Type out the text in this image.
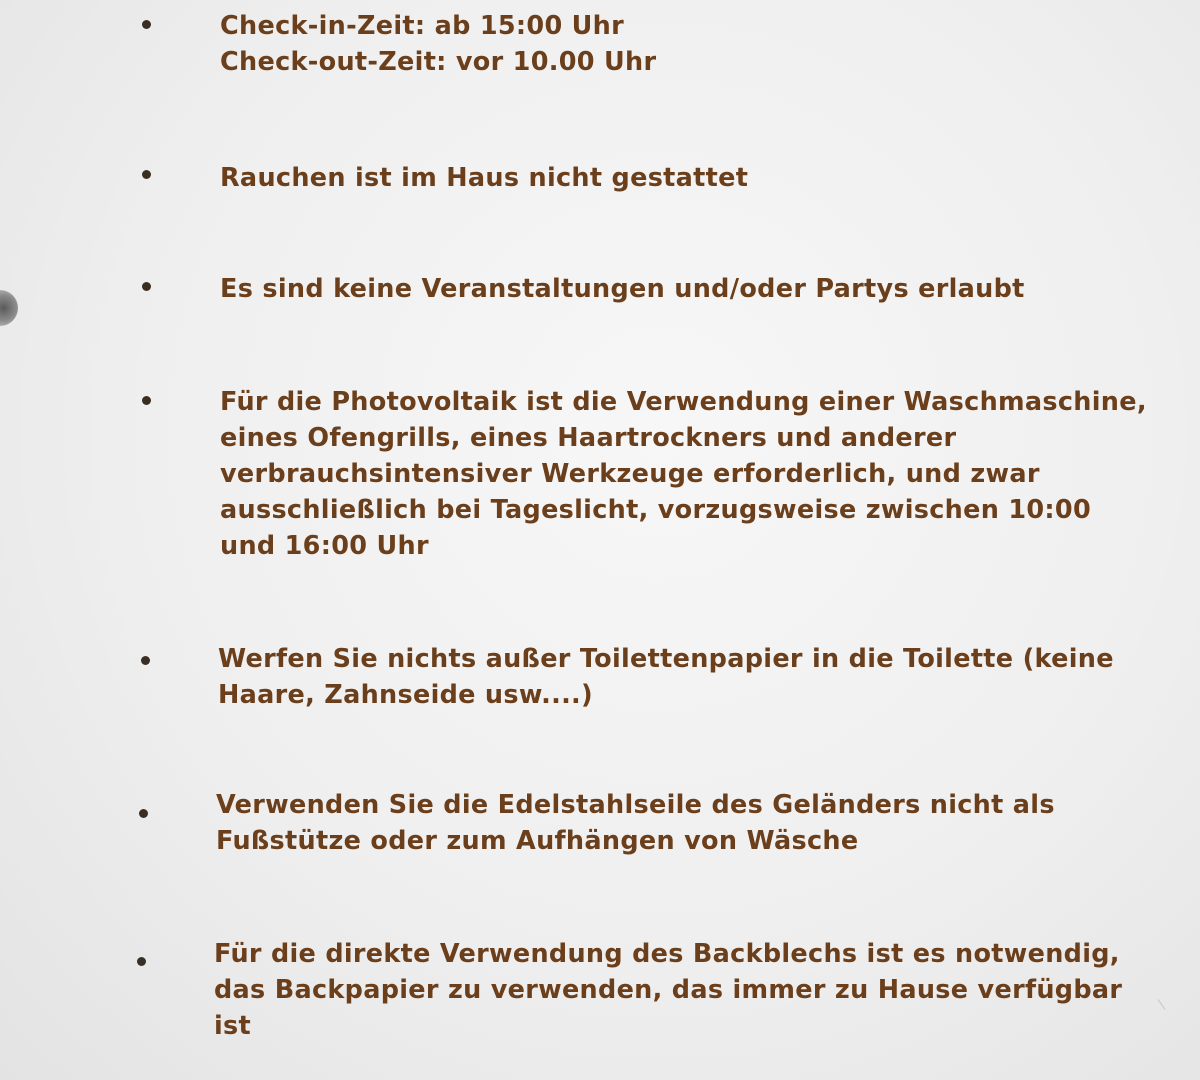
Check-in-Zeit: ab 15:00 Uhr
Check-out-Zeit: vor 10.00 Uhr
Rauchen ist im Haus nicht gestattet
Es sind keine Veranstaltungen und/oder Partys erlaubt
Für die Photovoltaik ist die Verwendung einer Waschmaschine,
eines Ofengrills, eines Haartrockners und anderer
verbrauchsintensiver Werkzeuge erforderlich, und zwar
ausschließlich bei Tageslicht, vorzugsweise zwischen 10:00
und 16:00 Uhr
Werfen Sie nichts außer Toilettenpapier in die Toilette (keine
Haare, Zahnseide usw....)
Verwenden Sie die Edelstahlseile des Geländers nicht als
Fußstütze oder zum Aufhängen von Wäsche
Für die direkte Verwendung des Backblechs ist es notwendig,
das Backpapier zu verwenden, das immer zu Hause verfügbar
ist
